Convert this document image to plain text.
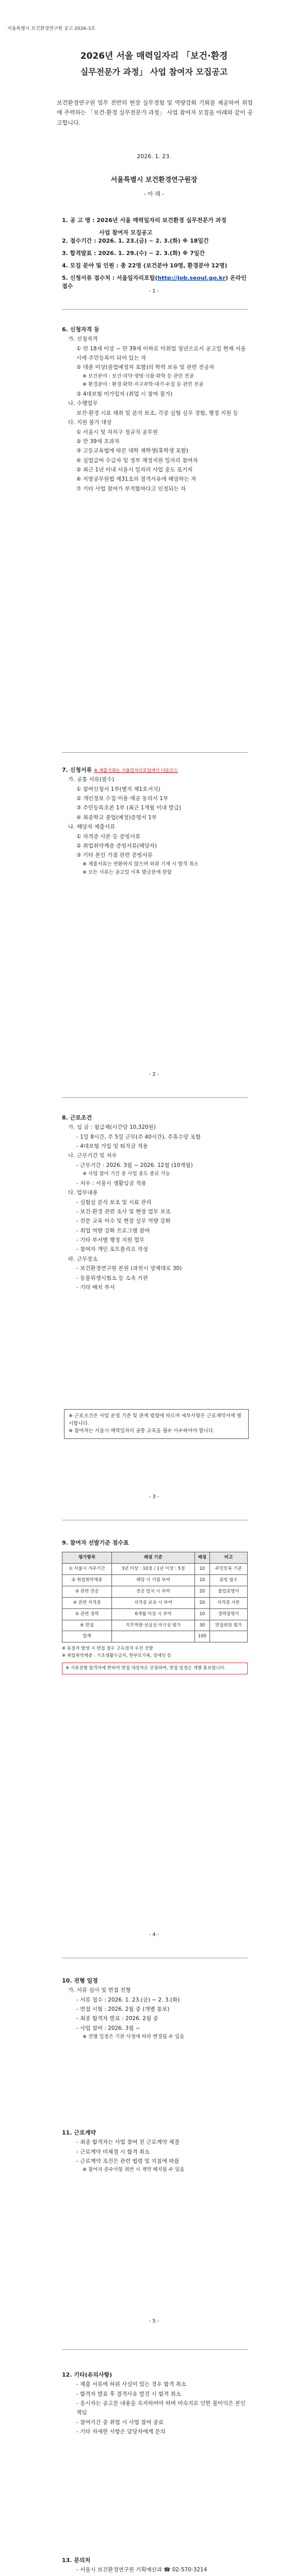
서울특별시 보건환경연구원 공고 2026-3호
2026년 서울 매력일자리 「보건·환경
실무전문가 과정」 사업 참여자 모집공고
보건환경연구원 업무 전반의 현장 실무경험 및 역량강화 기회를 제공하여 취업에 주력하는 「보건·환경 실무전문가 과정」 사업 참여자 모집을 아래와 같이 공고합니다.
2026. 1. 23.
서울특별시 보건환경연구원장
- 아 래 -
1. 공 고 명 : 2026년 서울 매력일자리 보건환경 실무전문가 과정
사업 참여자 모집공고
2. 접수기간 : 2026. 1. 23.(금) ~ 2. 3.(화) ※ 18일간
3. 합격발표 : 2026. 1. 29.(수) ~ 2. 3.(화) ※ 7일간
4. 모집 분야 및 인원 : 총 22명 (보건분야 10명, 환경분야 12명)
5. 신청서류 접수처 : 서울일자리포털(http://job.seoul.go.kr) 온라인 접수
- 1 -
6. 신청자격 등
가. 신청자격
① 만 18세 이상 ~ 만 39세 이하로 미취업 청년으로서 공고일 현재 서울시에 주민등록이 되어 있는 자
② 대졸 이상(졸업예정자 포함)의 학력 보유 및 관련 전공자
※ 보건분야 : 보건·의약·생명·식품·화학 등 관련 전공
※ 환경분야 : 환경·화학·지구과학·대기·수질 등 관련 전공
③ 4대보험 미가입자 (취업 시 참여 불가)
나. 수행업무
보건·환경 시료 채취 및 분석 보조, 각종 실험 실무 경험, 행정 지원 등
다. 지원 불가 대상
① 서울시 및 자치구 정규직 공무원
② 만 39세 초과자
③ 고등교육법에 따른 대학 재학생(휴학생 포함)
④ 실업급여 수급자 및 정부 재정지원 일자리 참여자
⑤ 최근 1년 이내 서울시 일자리 사업 중도 포기자
⑥ 지방공무원법 제31조의 결격사유에 해당하는 자
⑦ 기타 사업 참여가 부적합하다고 인정되는 자
7. 신청서류 ※ 제출서류는 서울일자리포털에서 다운로드
가. 공통 서류(필수)
① 참여신청서 1부(별지 제1호서식)
② 개인정보 수집·이용·제공 동의서 1부
③ 주민등록초본 1부 (최근 1개월 이내 발급)
④ 최종학교 졸업(예정)증명서 1부
나. 해당자 제출서류
① 자격증 사본 등 증빙서류
② 취업취약계층 증빙서류(해당자)
③ 기타 본인 가점 관련 증빙서류
※ 제출서류는 반환하지 않으며 허위 기재 시 합격 취소
※ 모든 서류는 공고일 이후 발급분에 한함
- 2 -
8. 근로조건
가. 임 금 : 월급제(시간당 10,320원)
- 1일 8시간, 주 5일 근무(주 40시간), 주휴수당 포함
- 4대보험 가입 및 퇴직금 적용
나. 근무기간 및 처우
- 근무기간 : 2026. 3월 ~ 2026. 12월 (10개월)
※ 사업 참여 기간 중 사업 중도 종료 가능
- 처우 : 서울시 생활임금 적용
다. 업무내용
- 실험실 분석 보조 및 시료 관리
- 보건·환경 관련 조사 및 현장 업무 보조
- 전문 교육 이수 및 현장 실무 역량 강화
- 취업 역량 강화 프로그램 참여
- 기타 부서별 행정 지원 업무
- 참여자 개인 포트폴리오 작성
라. 근무장소
- 보건환경연구원 본원 (과천시 양재대로 30)
- 동물위생시험소 등 소속 기관
- 기타 배치 부서
※ 근로조건은 사업 운영 기준 및 관계 법령에 따르며 세부사항은 근로계약서에 명시합니다.
※ 참여자는 서울시 매력일자리 공통 교육을 필수 이수하여야 합니다.
- 3 -
9. 참여자 선발기준 점수표
평가항목	배점 기준	배점	비고
① 서울시 거주기간	3년 이상 : 10점 / 1년 이상 : 5점	10	주민등록 기준
② 취업취약계층	해당 시 가점 부여	10	증빙 필수
③ 관련 전공	전공 일치 시 부여	20	졸업증명서
④ 관련 자격증	자격증 보유 시 부여	20	자격증 사본
⑤ 관련 경력	6개월 이상 시 부여	10	경력증명서
⑥ 면접	직무역량·성실성·적극성 평가	30	면접위원 평가
합계		100	
※ 동점자 발생 시 면접 점수 고득점자 우선 선발
※ 취업취약계층 : 기초생활수급자, 한부모가족, 장애인 등
※ 서류전형 합격자에 한하여 면접 대상자로 선정하며, 면접 일정은 개별 통보합니다.
- 4 -
10. 전형 일정
가. 서류 심사 및 면접 전형
- 서류 접수 : 2026. 1. 23.(금) ~ 2. 3.(화)
- 면접 시험 : 2026. 2월 중 (개별 통보)
- 최종 합격자 발표 : 2026. 2월 중
- 사업 참여 : 2026. 3월 ~
※ 전형 일정은 기관 사정에 따라 변경될 수 있음
11. 근로계약
- 최종 합격자는 사업 참여 전 근로계약 체결
- 근로계약 미체결 시 합격 취소
- 근로계약 조건은 관련 법령 및 지침에 따름
※ 참여자 준수사항 위반 시 계약 해지될 수 있음
- 5 -
12. 기타(유의사항)
- 제출 서류에 허위 사실이 있는 경우 합격 취소
- 합격자 발표 후 결격사유 발견 시 합격 취소
- 응시자는 공고문 내용을 숙지하여야 하며 미숙지로 인한 불이익은 본인 책임
- 참여기간 중 취업 시 사업 참여 종료
- 기타 자세한 사항은 담당자에게 문의
13. 문의처
- 서울시 보건환경연구원 기획예산과 ☎ 02-570-3214
